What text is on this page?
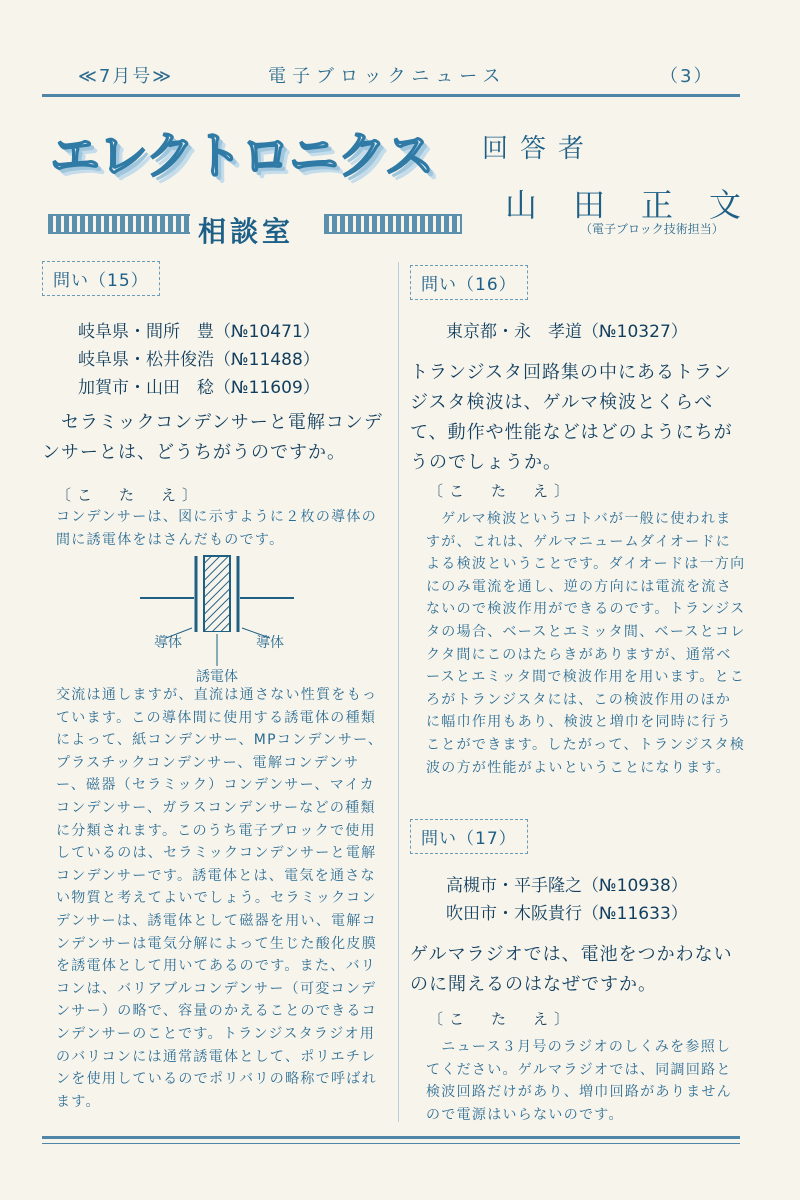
≪7月号≫	電子ブロックニュース	（3）
エレクトロニクス
相談室
回答者
山田正文
（電子ブロック技術担当）
問い（15）
岐阜県・間所　豊（№10471）
岐阜県・松井俊浩（№11488）
加賀市・山田　稔（№11609）
　セラミックコンデンサーと電解コンデンサーとは、どうちがうのですか。
〔こ　た　え〕
コンデンサーは、図に示すように２枚の導体の間に誘電体をはさんだものです。
導体	導体
誘電体
交流は通しますが、直流は通さない性質をもっています。この導体間に使用する誘電体の種類によって、紙コンデンサー、MPコンデンサー、プラスチックコンデンサー、電解コンデンサー、磁器（セラミック）コンデンサー、マイカコンデンサー、ガラスコンデンサーなどの種類に分類されます。このうち電子ブロックで使用しているのは、セラミックコンデンサーと電解コンデンサーです。誘電体とは、電気を通さない物質と考えてよいでしょう。セラミックコンデンサーは、誘電体として磁器を用い、電解コンデンサーは電気分解によって生じた酸化皮膜を誘電体として用いてあるのです。また、バリコンは、バリアブルコンデンサー（可変コンデンサー）の略で、容量のかえることのできるコンデンサーのことです。トランジスタラジオ用のバリコンには通常誘電体として、ポリエチレンを使用しているのでポリバリの略称で呼ばれます。
問い（16）
東京都・永　孝道（№10327）
トランジスタ回路集の中にあるトランジスタ検波は、ゲルマ検波とくらべて、動作や性能などはどのようにちがうのでしょうか。
〔こ　た　え〕
　ゲルマ検波というコトバが一般に使われますが、これは、ゲルマニュームダイオードによる検波ということです。ダイオードは一方向にのみ電流を通し、逆の方向には電流を流さないので検波作用ができるのです。トランジスタの場合、ベースとエミッタ間、ベースとコレクタ間にこのはたらきがありますが、通常ベースとエミッタ間で検波作用を用います。ところがトランジスタには、この検波作用のほかに幅巾作用もあり、検波と増巾を同時に行うことができます。したがって、トランジスタ検波の方が性能がよいということになります。
問い（17）
高槻市・平手隆之（№10938）
吹田市・木阪貴行（№11633）
ゲルマラジオでは、電池をつかわないのに聞えるのはなぜですか。
〔こ　た　え〕
　ニュース３月号のラジオのしくみを参照してください。ゲルマラジオでは、同調回路と検波回路だけがあり、増巾回路がありませんので電源はいらないのです。
